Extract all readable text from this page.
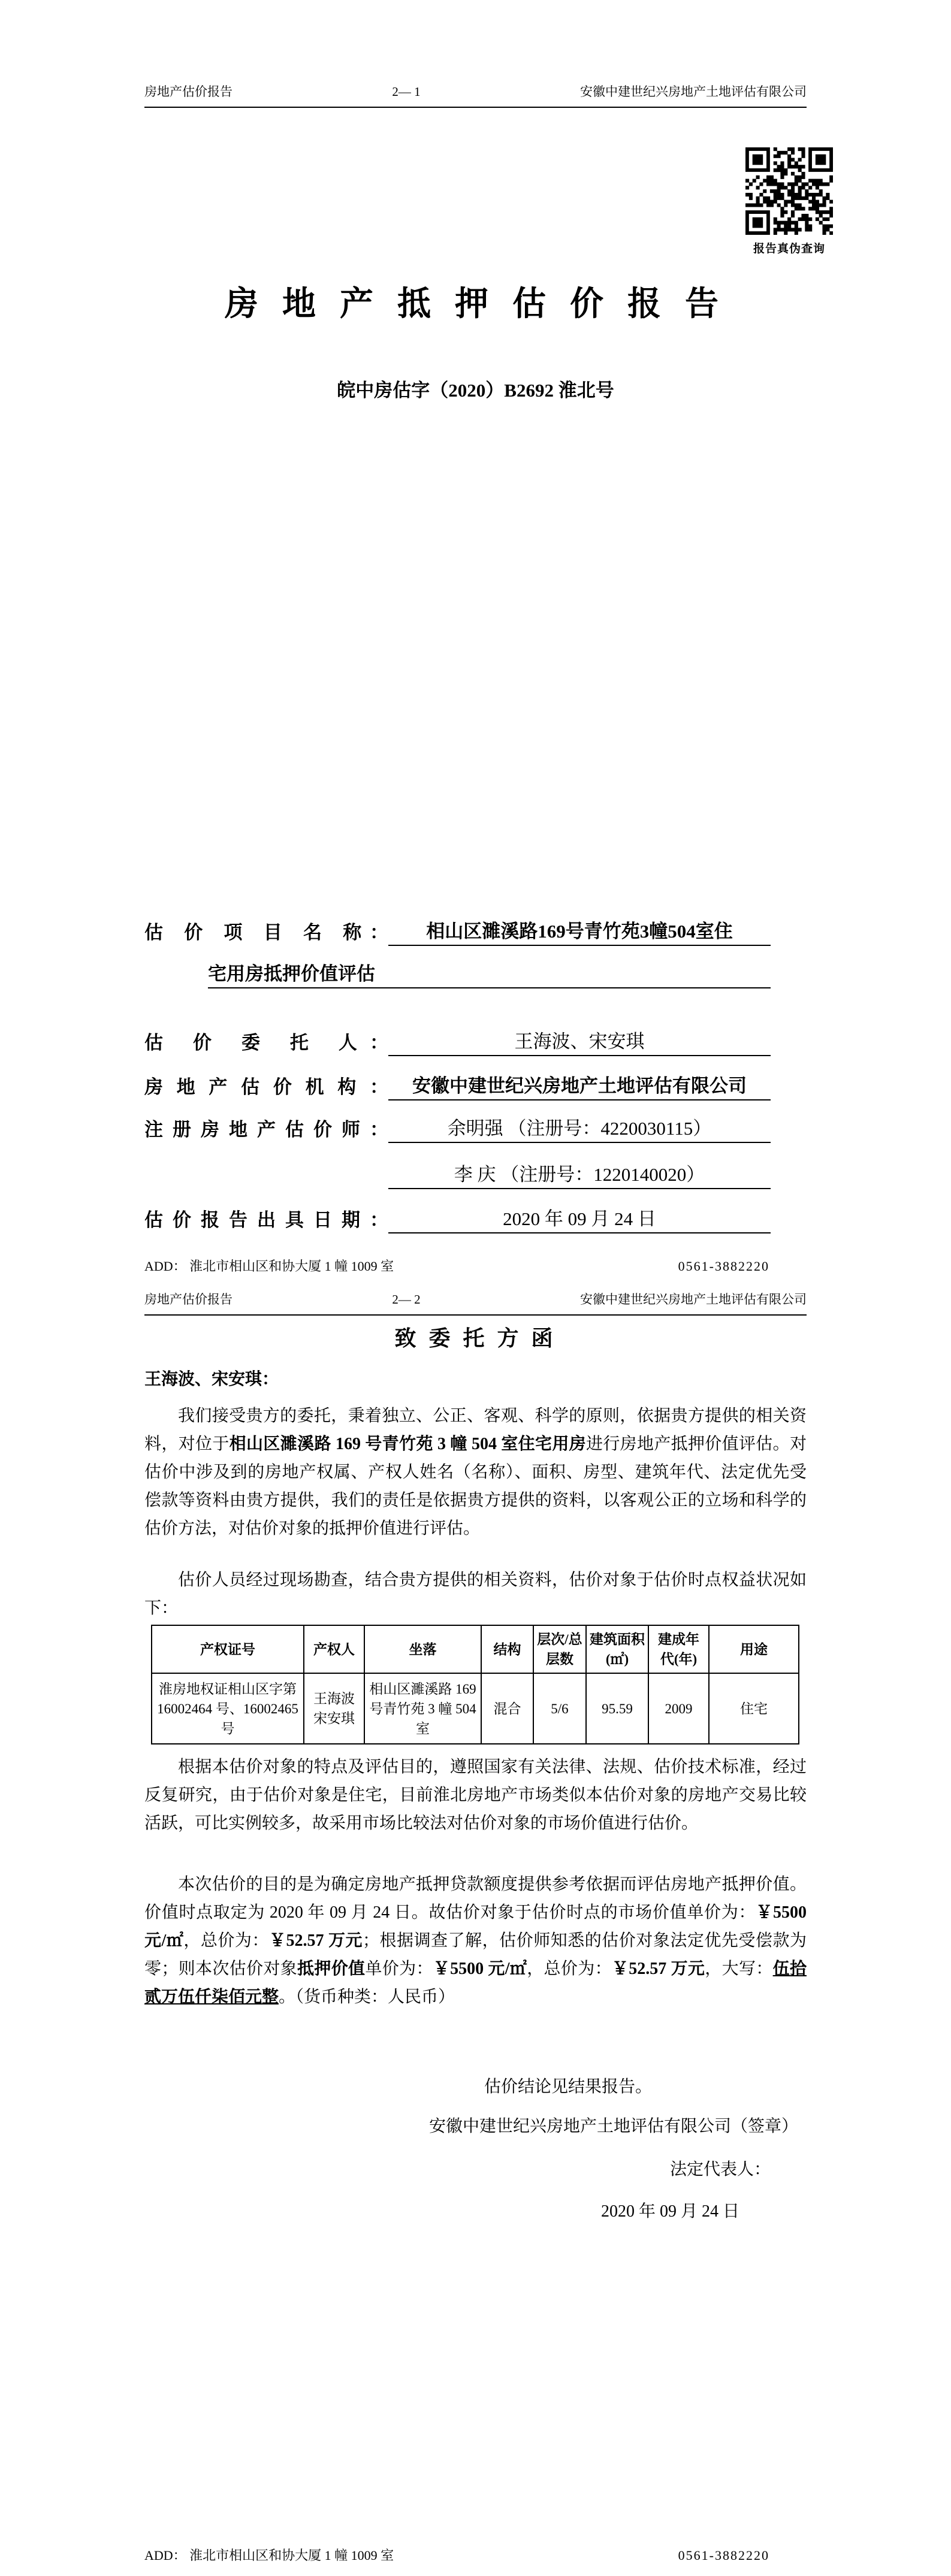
房地产估价报告	2— 1	安徽中建世纪兴房地产土地评估有限公司
报告真伪查询
房 地 产 抵 押 估 价 报 告
皖中房估字（2020）B2692 淮北号
估 价 项 目 名 称：	相山区濉溪路169号青竹苑3幢504室住
宅用房抵押价值评估
估 价 委 托 人：	王海波、宋安琪
房地产估价机构：	安徽中建世纪兴房地产土地评估有限公司
注册房地产估价师：	余明强 （注册号：4220030115）
李 庆 （注册号：1220140020）
估价报告出具日期：	2020 年 09 月 24 日
ADD： 淮北市相山区和协大厦 1 幢 1009 室	0561-3882220
房地产估价报告	2— 2	安徽中建世纪兴房地产土地评估有限公司
致 委 托 方 函
王海波、宋安琪：
我们接受贵方的委托，秉着独立、公正、客观、科学的原则，依据贵方提供的相关资料，对位于相山区濉溪路 169 号青竹苑 3 幢 504 室住宅用房进行房地产抵押价值评估。对估价中涉及到的房地产权属、产权人姓名（名称）、面积、房型、建筑年代、法定优先受偿款等资料由贵方提供，我们的责任是依据贵方提供的资料，以客观公正的立场和科学的估价方法，对估价对象的抵押价值进行评估。
估价人员经过现场勘查，结合贵方提供的相关资料，估价对象于估价时点权益状况如下：
产权证号	产权人	坐落	结构	层次/总层数	建筑面积(㎡)	建成年代(年)	用途
淮房地权证相山区字第 16002464 号、16002465 号	王海波宋安琪	相山区濉溪路 169 号青竹苑 3 幢 504 室	混合	5/6	95.59	2009	住宅
根据本估价对象的特点及评估目的，遵照国家有关法律、法规、估价技术标准，经过反复研究，由于估价对象是住宅，目前淮北房地产市场类似本估价对象的房地产交易比较活跃，可比实例较多，故采用市场比较法对估价对象的市场价值进行估价。
本次估价的目的是为确定房地产抵押贷款额度提供参考依据而评估房地产抵押价值。价值时点取定为 2020 年 09 月 24 日。故估价对象于估价时点的市场价值单价为：￥5500 元/㎡，总价为：￥52.57 万元；根据调查了解，估价师知悉的估价对象法定优先受偿款为零；则本次估价对象抵押价值单价为：￥5500 元/㎡，总价为：￥52.57 万元，大写：伍拾贰万伍仟柒佰元整。（货币种类：人民币）
估价结论见结果报告。
安徽中建世纪兴房地产土地评估有限公司（签章）
法定代表人：
2020 年 09 月 24 日
ADD： 淮北市相山区和协大厦 1 幢 1009 室	0561-3882220
